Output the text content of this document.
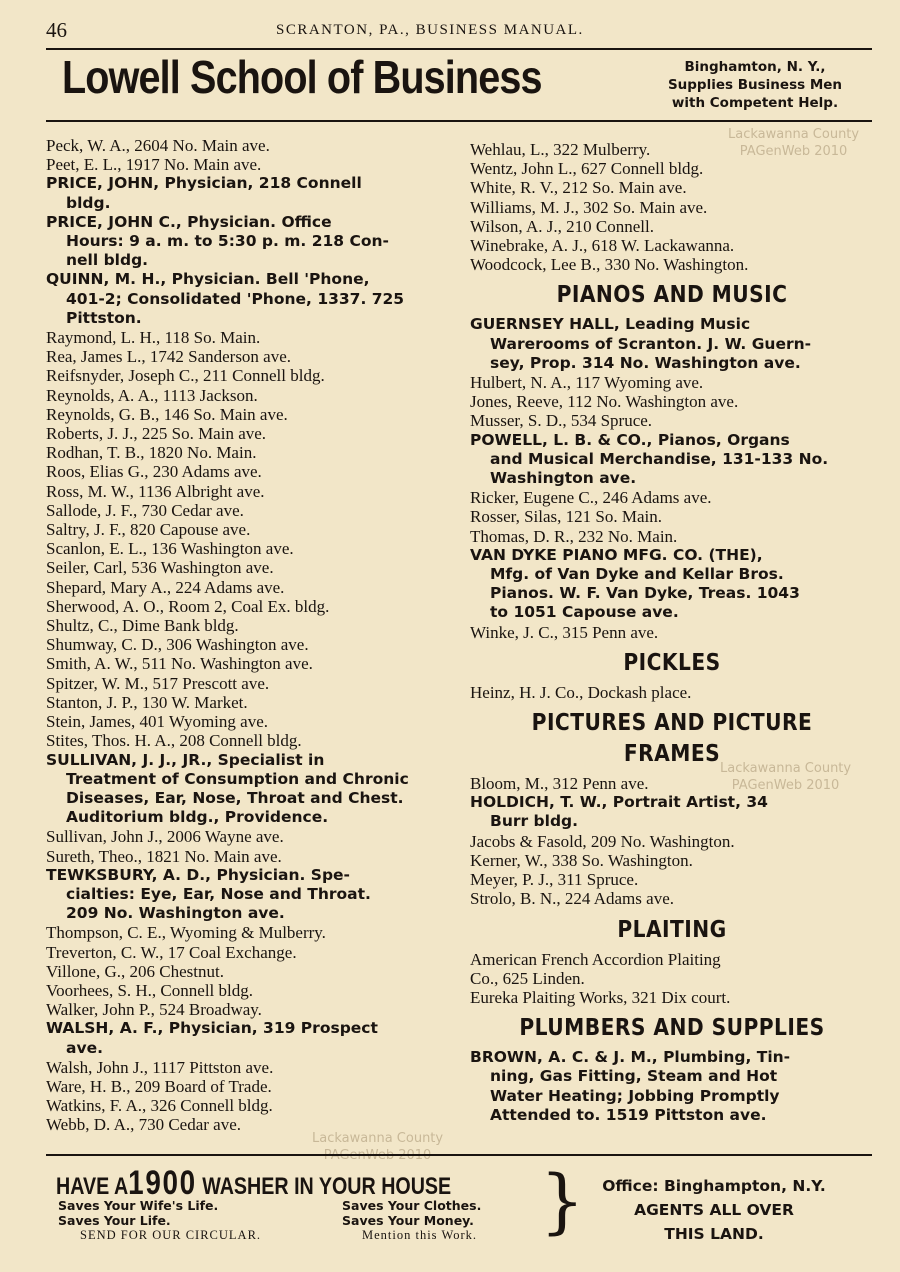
46	SCRANTON, PA., BUSINESS MANUAL.
Lowell School of Business	Binghamton, N. Y.,
Supplies Business Men
with Competent Help.
Peck, W. A., 2604 No. Main ave.
Peet, E. L., 1917 No. Main ave.
PRICE, JOHN, Physician, 218 Connell
bldg.
PRICE, JOHN C., Physician. Office
Hours: 9 a. m. to 5:30 p. m. 218 Con-
nell bldg.
QUINN, M. H., Physician. Bell 'Phone,
401-2; Consolidated 'Phone, 1337. 725
Pittston.
Raymond, L. H., 118 So. Main.
Rea, James L., 1742 Sanderson ave.
Reifsnyder, Joseph C., 211 Connell bldg.
Reynolds, A. A., 1113 Jackson.
Reynolds, G. B., 146 So. Main ave.
Roberts, J. J., 225 So. Main ave.
Rodhan, T. B., 1820 No. Main.
Roos, Elias G., 230 Adams ave.
Ross, M. W., 1136 Albright ave.
Sallode, J. F., 730 Cedar ave.
Saltry, J. F., 820 Capouse ave.
Scanlon, E. L., 136 Washington ave.
Seiler, Carl, 536 Washington ave.
Shepard, Mary A., 224 Adams ave.
Sherwood, A. O., Room 2, Coal Ex. bldg.
Shultz, C., Dime Bank bldg.
Shumway, C. D., 306 Washington ave.
Smith, A. W., 511 No. Washington ave.
Spitzer, W. M., 517 Prescott ave.
Stanton, J. P., 130 W. Market.
Stein, James, 401 Wyoming ave.
Stites, Thos. H. A., 208 Connell bldg.
SULLIVAN, J. J., JR., Specialist in
Treatment of Consumption and Chronic
Diseases, Ear, Nose, Throat and Chest.
Auditorium bldg., Providence.
Sullivan, John J., 2006 Wayne ave.
Sureth, Theo., 1821 No. Main ave.
TEWKSBURY, A. D., Physician. Spe-
cialties: Eye, Ear, Nose and Throat.
209 No. Washington ave.
Thompson, C. E., Wyoming & Mulberry.
Treverton, C. W., 17 Coal Exchange.
Villone, G., 206 Chestnut.
Voorhees, S. H., Connell bldg.
Walker, John P., 524 Broadway.
WALSH, A. F., Physician, 319 Prospect
ave.
Walsh, John J., 1117 Pittston ave.
Ware, H. B., 209 Board of Trade.
Watkins, F. A., 326 Connell bldg.
Webb, D. A., 730 Cedar ave.
Wehlau, L., 322 Mulberry.
Wentz, John L., 627 Connell bldg.
White, R. V., 212 So. Main ave.
Williams, M. J., 302 So. Main ave.
Wilson, A. J., 210 Connell.
Winebrake, A. J., 618 W. Lackawanna.
Woodcock, Lee B., 330 No. Washington.
PIANOS AND MUSIC
GUERNSEY HALL, Leading Music
Warerooms of Scranton. J. W. Guern-
sey, Prop. 314 No. Washington ave.
Hulbert, N. A., 117 Wyoming ave.
Jones, Reeve, 112 No. Washington ave.
Musser, S. D., 534 Spruce.
POWELL, L. B. & CO., Pianos, Organs
and Musical Merchandise, 131-133 No.
Washington ave.
Ricker, Eugene C., 246 Adams ave.
Rosser, Silas, 121 So. Main.
Thomas, D. R., 232 No. Main.
VAN DYKE PIANO MFG. CO. (THE),
Mfg. of Van Dyke and Kellar Bros.
Pianos. W. F. Van Dyke, Treas. 1043
to 1051 Capouse ave.
Winke, J. C., 315 Penn ave.
PICKLES
Heinz, H. J. Co., Dockash place.
PICTURES AND PICTURE
FRAMES
Bloom, M., 312 Penn ave.
HOLDICH, T. W., Portrait Artist, 34
Burr bldg.
Jacobs & Fasold, 209 No. Washington.
Kerner, W., 338 So. Washington.
Meyer, P. J., 311 Spruce.
Strolo, B. N., 224 Adams ave.
PLAITING
American French Accordion Plaiting
Co., 625 Linden.
Eureka Plaiting Works, 321 Dix court.
PLUMBERS AND SUPPLIES
BROWN, A. C. & J. M., Plumbing, Tin-
ning, Gas Fitting, Steam and Hot
Water Heating; Jobbing Promptly
Attended to. 1519 Pittston ave.
Lackawanna County
PAGenWeb 2010
Lackawanna County
PAGenWeb 2010
Lackawanna County
PAGenWeb 2010
HAVE A1900 WASHER IN YOUR HOUSE
Saves Your Wife's Life.
Saves Your Life.
Saves Your Clothes.
Saves Your Money.
SEND FOR OUR CIRCULAR.	Mention this Work. }	Office: Binghampton, N.Y.
AGENTS ALL OVER
THIS LAND.
